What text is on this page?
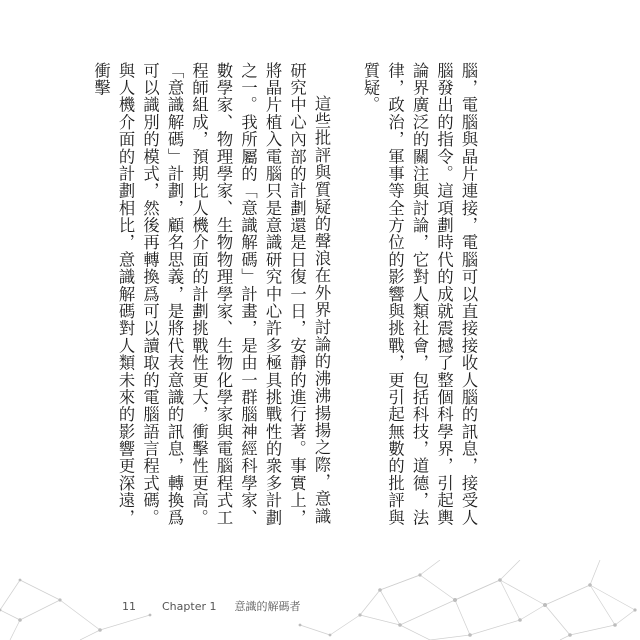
腦，電腦與晶片連接，電腦可以直接接收人腦的訊息，接受人腦發出的指令。這項劃時代的成就震撼了整個科學界，引起輿論界廣泛的關注與討論，它對人類社會，包括科技，道德，法律，政治，軍事等全方位的影響與挑戰，更引起無數的批評與質疑。

這些批評與質疑的聲浪在外界討論的沸沸揚揚之際，意識研究中心內部的計劃還是日復一日，安靜的進行著。事實上，將晶片植入電腦只是意識研究中心許多極具挑戰性的衆多計劃之一。我所屬的「意識解碼」計畫，是由一群腦神經科學家、數學家、物理學家、生物物理學家、生物化學家與電腦程式工程師組成，預期比人機介面的計劃挑戰性更大，衝擊性更高。「意識解碼」計劃，顧名思義，是將代表意識的訊息，轉換爲可以識別的模式，然後再轉換爲可以讀取的電腦語言程式碼。與人機介面的計劃相比，意識解碼對人類未來的影響更深遠，衝擊

11 Chapter 1 意識的解碼者
